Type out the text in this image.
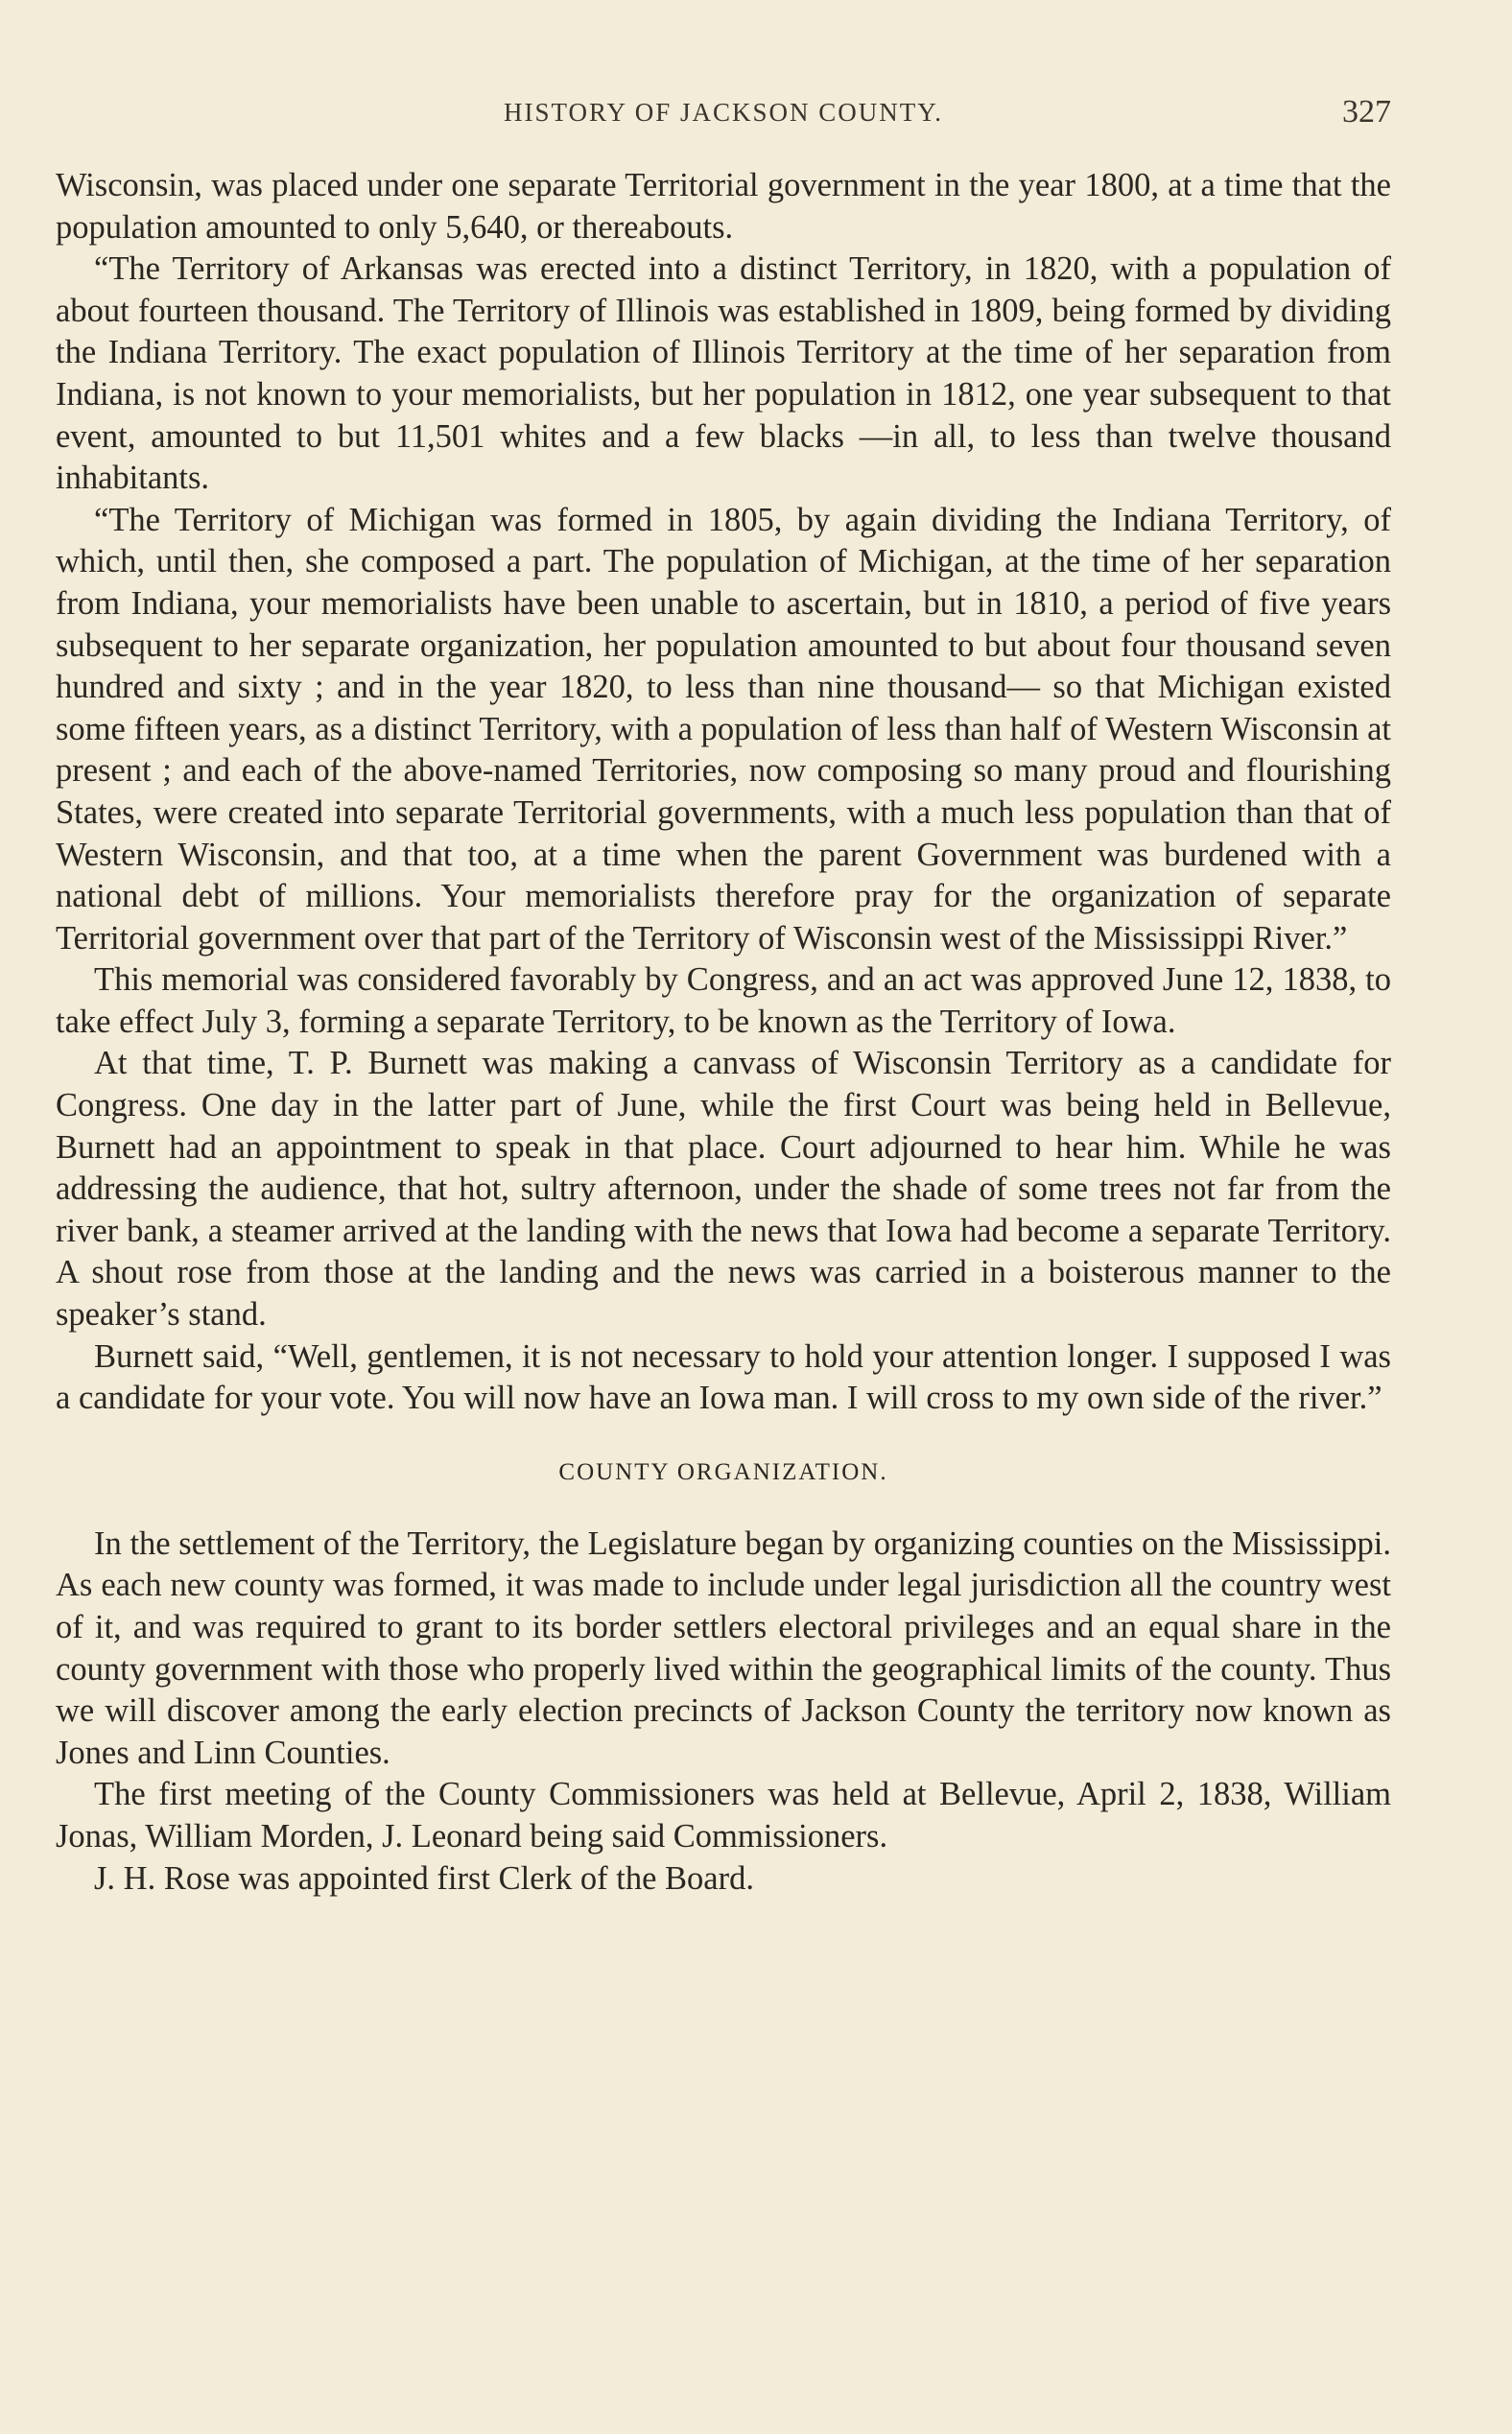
HISTORY OF JACKSON COUNTY.	327

Wisconsin, was placed under one separate Territorial government in the year 1800, at a time that the population amounted to only 5,640, or thereabouts.

“The Territory of Arkansas was erected into a distinct Territory, in 1820, with a population of about fourteen thousand. The Territory of Illinois was established in 1809, being formed by dividing the Indiana Territory. The exact population of Illinois Territory at the time of her separation from Indiana, is not known to your memorialists, but her population in 1812, one year subsequent to that event, amounted to but 11,501 whites and a few blacks —in all, to less than twelve thousand inhabitants.

“The Territory of Michigan was formed in 1805, by again dividing the Indiana Territory, of which, until then, she composed a part. The population of Michigan, at the time of her separation from Indiana, your memorialists have been unable to ascertain, but in 1810, a period of five years subsequent to her separate organization, her population amounted to but about four thousand seven hundred and sixty ; and in the year 1820, to less than nine thousand— so that Michigan existed some fifteen years, as a distinct Territory, with a population of less than half of Western Wisconsin at present ; and each of the above-named Territories, now composing so many proud and flourishing States, were created into separate Territorial governments, with a much less population than that of Western Wisconsin, and that too, at a time when the parent Government was burdened with a national debt of millions. Your memorialists therefore pray for the organization of separate Territorial government over that part of the Territory of Wisconsin west of the Mississippi River.”

This memorial was considered favorably by Congress, and an act was approved June 12, 1838, to take effect July 3, forming a separate Territory, to be known as the Territory of Iowa.

At that time, T. P. Burnett was making a canvass of Wisconsin Territory as a candidate for Congress. One day in the latter part of June, while the first Court was being held in Bellevue, Burnett had an appointment to speak in that place. Court adjourned to hear him. While he was addressing the audience, that hot, sultry afternoon, under the shade of some trees not far from the river bank, a steamer arrived at the landing with the news that Iowa had become a separate Territory. A shout rose from those at the landing and the news was carried in a boisterous manner to the speaker’s stand.

Burnett said, “Well, gentlemen, it is not necessary to hold your attention longer. I supposed I was a candidate for your vote. You will now have an Iowa man. I will cross to my own side of the river.”

COUNTY ORGANIZATION.

In the settlement of the Territory, the Legislature began by organizing counties on the Mississippi. As each new county was formed, it was made to include under legal jurisdiction all the country west of it, and was required to grant to its border settlers electoral privileges and an equal share in the county government with those who properly lived within the geographical limits of the county. Thus we will discover among the early election precincts of Jackson County the territory now known as Jones and Linn Counties.

The first meeting of the County Commissioners was held at Bellevue, April 2, 1838, William Jonas, William Morden, J. Leonard being said Commissioners.

J. H. Rose was appointed first Clerk of the Board.
